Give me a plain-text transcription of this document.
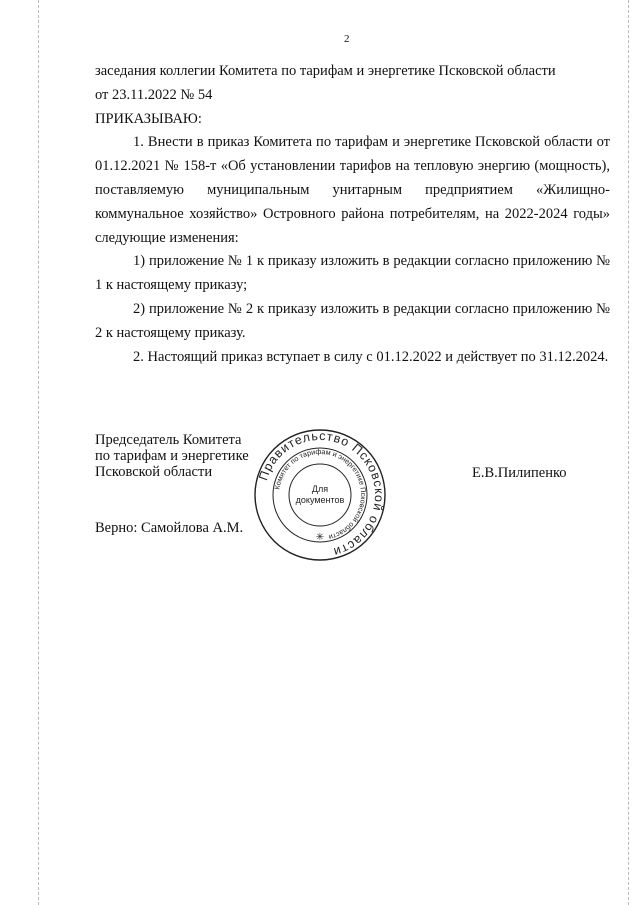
2

заседания коллегии Комитета по тарифам и энергетике Псковской области

от 23.11.2022 № 54

ПРИКАЗЫВАЮ:

1. Внести в приказ Комитета по тарифам и энергетике Псковской области от 01.12.2021 № 158-т «Об установлении тарифов на тепловую энергию (мощность), поставляемую муниципальным унитарным предприятием «Жилищно-коммунальное хозяйство» Островного района потребителям, на 2022-2024 годы» следующие изменения:

1) приложение № 1 к приказу изложить в редакции согласно приложению № 1 к настоящему приказу;

2) приложение № 2 к приказу изложить в редакции согласно приложению № 2 к настоящему приказу.

2. Настоящий приказ вступает в силу с 01.12.2022 и действует по 31.12.2024.

Председатель Комитета
по тарифам и энергетике
Псковской области	Е.В.Пилипенко
Верно: Самойлова А.М.
Правительство Псковской области
Комитет по тарифам и энергетике Псковской области
Для
документов
✳
